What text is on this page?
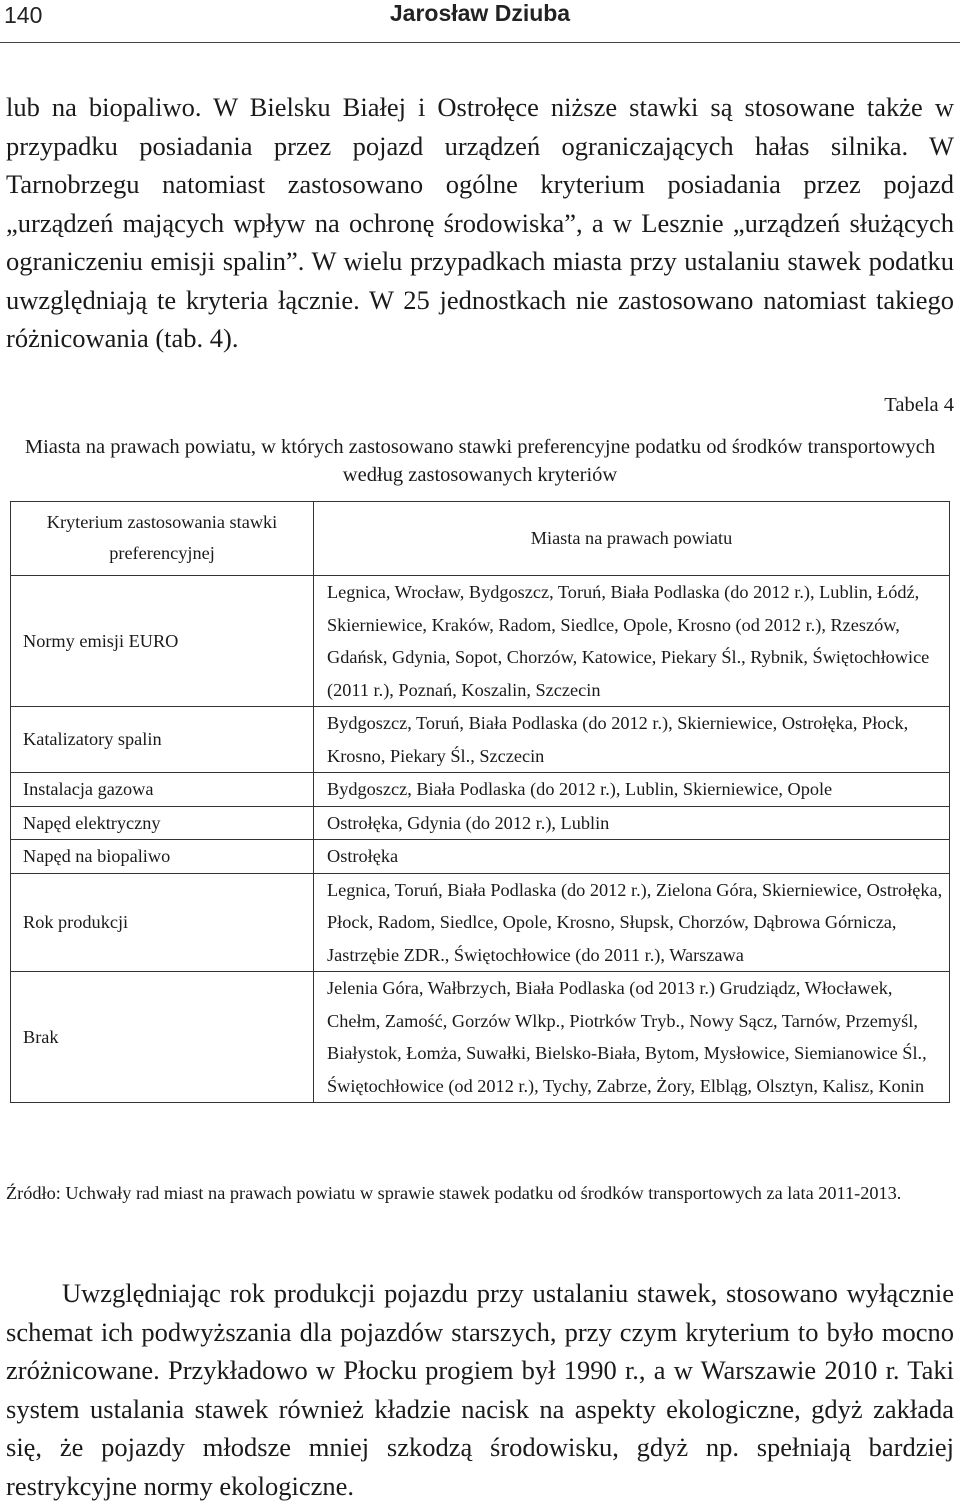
140	Jarosław Dziuba

lub na biopaliwo. W Bielsku Białej i Ostrołęce niższe stawki są stosowane także w przypadku posiadania przez pojazd urządzeń ograniczających hałas silnika. W Tarnobrzegu natomiast zastosowano ogólne kryterium posiadania przez pojazd „urządzeń mających wpływ na ochronę środowiska”, a w Lesznie „urządzeń służących ograniczeniu emisji spalin”. W wielu przypadkach miasta przy ustalaniu stawek podatku uwzględniają te kryteria łącznie. W 25 jednostkach nie zastosowano natomiast takiego różnicowania (tab. 4).

Tabela 4

Miasta na prawach powiatu, w których zastosowano stawki preferencyjne podatku od środków transportowych według zastosowanych kryteriów

Kryterium zastosowania stawki preferencyjnej	Miasta na prawach powiatu
Normy emisji EURO	Legnica, Wrocław, Bydgoszcz, Toruń, Biała Podlaska (do 2012 r.), Lublin, Łódź, Skierniewice, Kraków, Radom, Siedlce, Opole, Krosno (od 2012 r.), Rzeszów, Gdańsk, Gdynia, Sopot, Chorzów, Katowice, Piekary Śl., Rybnik, Świętochłowice (2011 r.), Poznań, Koszalin, Szczecin
Katalizatory spalin	Bydgoszcz, Toruń, Biała Podlaska (do 2012 r.), Skierniewice, Ostrołęka, Płock, Krosno, Piekary Śl., Szczecin
Instalacja gazowa	Bydgoszcz, Biała Podlaska (do 2012 r.), Lublin, Skierniewice, Opole
Napęd elektryczny	Ostrołęka, Gdynia (do 2012 r.), Lublin
Napęd na biopaliwo	Ostrołęka
Rok produkcji	Legnica, Toruń, Biała Podlaska (do 2012 r.), Zielona Góra, Skierniewice, Ostrołęka, Płock, Radom, Siedlce, Opole, Krosno, Słupsk, Chorzów, Dąbrowa Górnicza, Jastrzębie ZDR., Świętochłowice (do 2011 r.), Warszawa
Brak	Jelenia Góra, Wałbrzych, Biała Podlaska (od 2013 r.) Grudziądz, Włocławek, Chełm, Zamość, Gorzów Wlkp., Piotrków Tryb., Nowy Sącz, Tarnów, Przemyśl, Białystok, Łomża, Suwałki, Bielsko-Biała, Bytom, Mysłowice, Siemianowice Śl., Świętochłowice (od 2012 r.), Tychy, Zabrze, Żory, Elbląg, Olsztyn, Kalisz, Konin

Źródło: Uchwały rad miast na prawach powiatu w sprawie stawek podatku od środków transportowych za lata 2011-2013.

Uwzględniając rok produkcji pojazdu przy ustalaniu stawek, stosowano wyłącznie schemat ich podwyższania dla pojazdów starszych, przy czym kryterium to było mocno zróżnicowane. Przykładowo w Płocku progiem był 1990 r., a w Warszawie 2010 r. Taki system ustalania stawek również kładzie nacisk na aspekty ekologiczne, gdyż zakłada się, że pojazdy młodsze mniej szkodzą środowisku, gdyż np. spełniają bardziej restrykcyjne normy ekologiczne.
